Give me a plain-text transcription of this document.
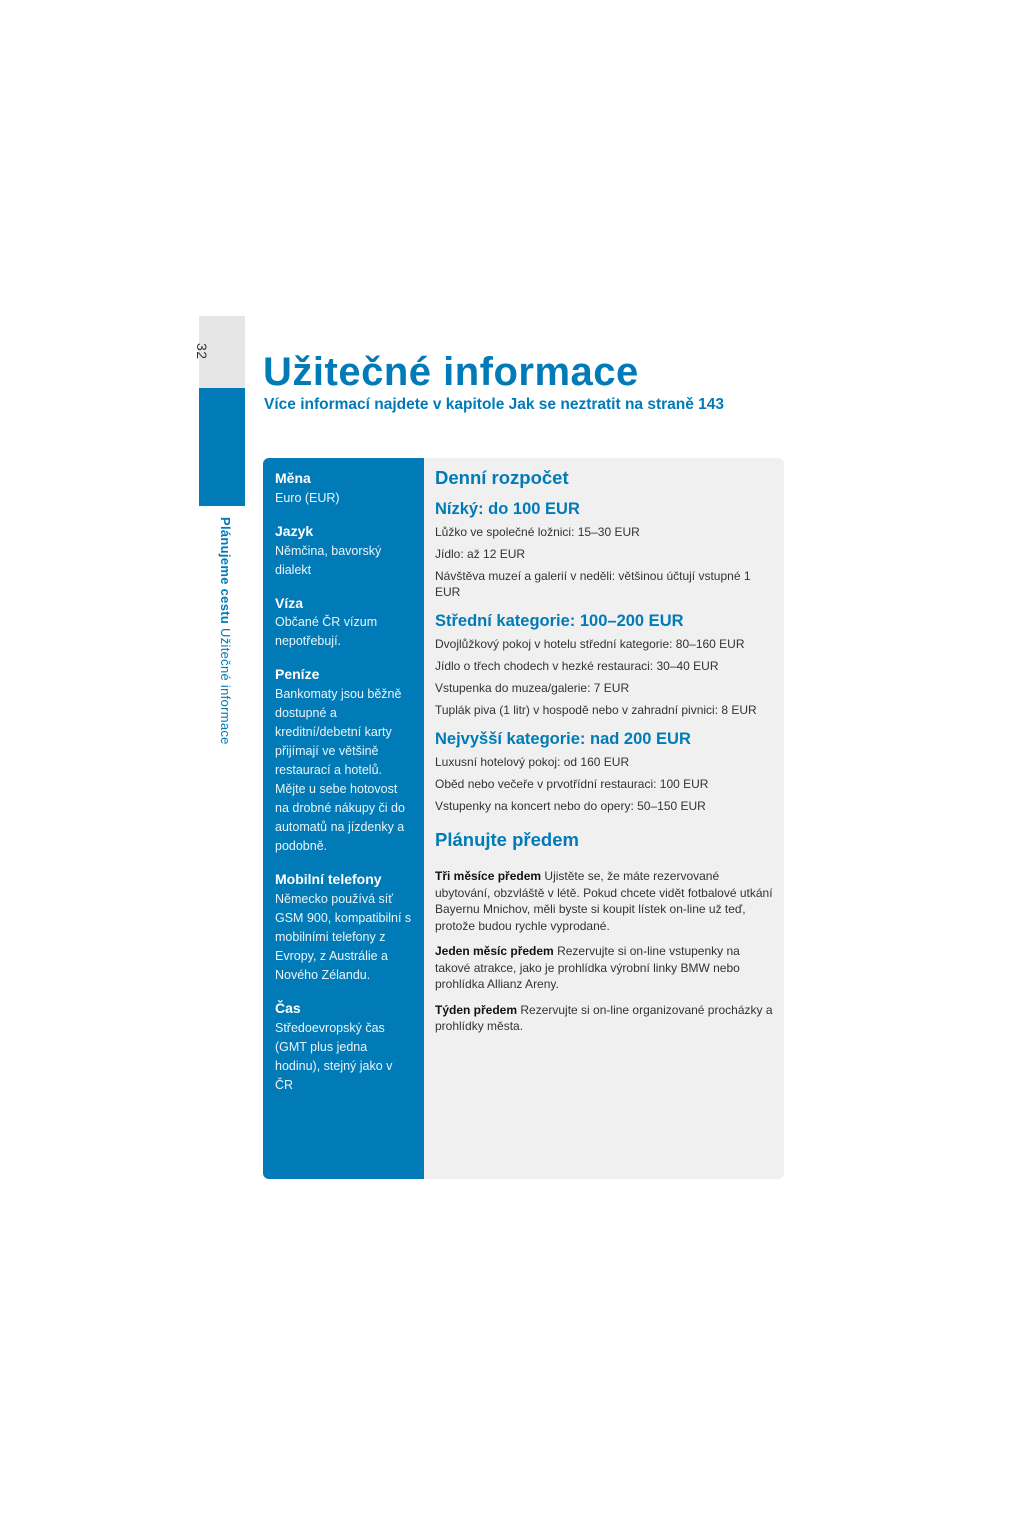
32
Plánujeme cestu Užitečné informace
Užitečné informace

Více informací najdete v kapitole Jak se neztratit na straně 143

Měna

Euro (EUR)

Jazyk

Němčina, bavorský dialekt

Víza

Občané ČR vízum nepotřebují.

Peníze

Bankomaty jsou běžně dostupné a kreditní/debetní karty přijímají ve většině restaurací a hotelů. Mějte u sebe hotovost na drobné nákupy či do automatů na jízdenky a podobně.

Mobilní telefony

Německo používá síť GSM 900, kompatibilní s mobilními telefony z Evropy, z Austrálie a Nového Zélandu.

Čas

Středoevropský čas (GMT plus jedna hodinu), stejný jako v ČR

Denní rozpočet
Nízký: do 100 EUR

Lůžko ve společné ložnici: 15–30 EUR

Jídlo: až 12 EUR

Návštěva muzeí a galerií v neděli: většinou účtují vstupné 1 EUR

Střední kategorie: 100–200 EUR

Dvojlůžkový pokoj v hotelu střední kategorie: 80–160 EUR

Jídlo o třech chodech v hezké restauraci: 30–40 EUR

Vstupenka do muzea/galerie: 7 EUR

Tuplák piva (1 litr) v hospodě nebo v zahradní pivnici: 8 EUR

Nejvyšší kategorie: nad 200 EUR

Luxusní hotelový pokoj: od 160 EUR

Oběd nebo večeře v prvotřídní restauraci: 100 EUR

Vstupenky na koncert nebo do opery: 50–150 EUR

Plánujte předem

Tři měsíce předem Ujistěte se, že máte rezervované ubytování, obzvláště v létě. Pokud chcete vidět fotbalové utkání Bayernu Mnichov, měli byste si koupit lístek on-line už teď, protože budou rychle vyprodané.

Jeden měsíc předem Rezervujte si on-line vstupenky na takové atrakce, jako je prohlídka výrobní linky BMW nebo prohlídka Allianz Areny.

Týden předem Rezervujte si on-line organizované procházky a prohlídky města.
